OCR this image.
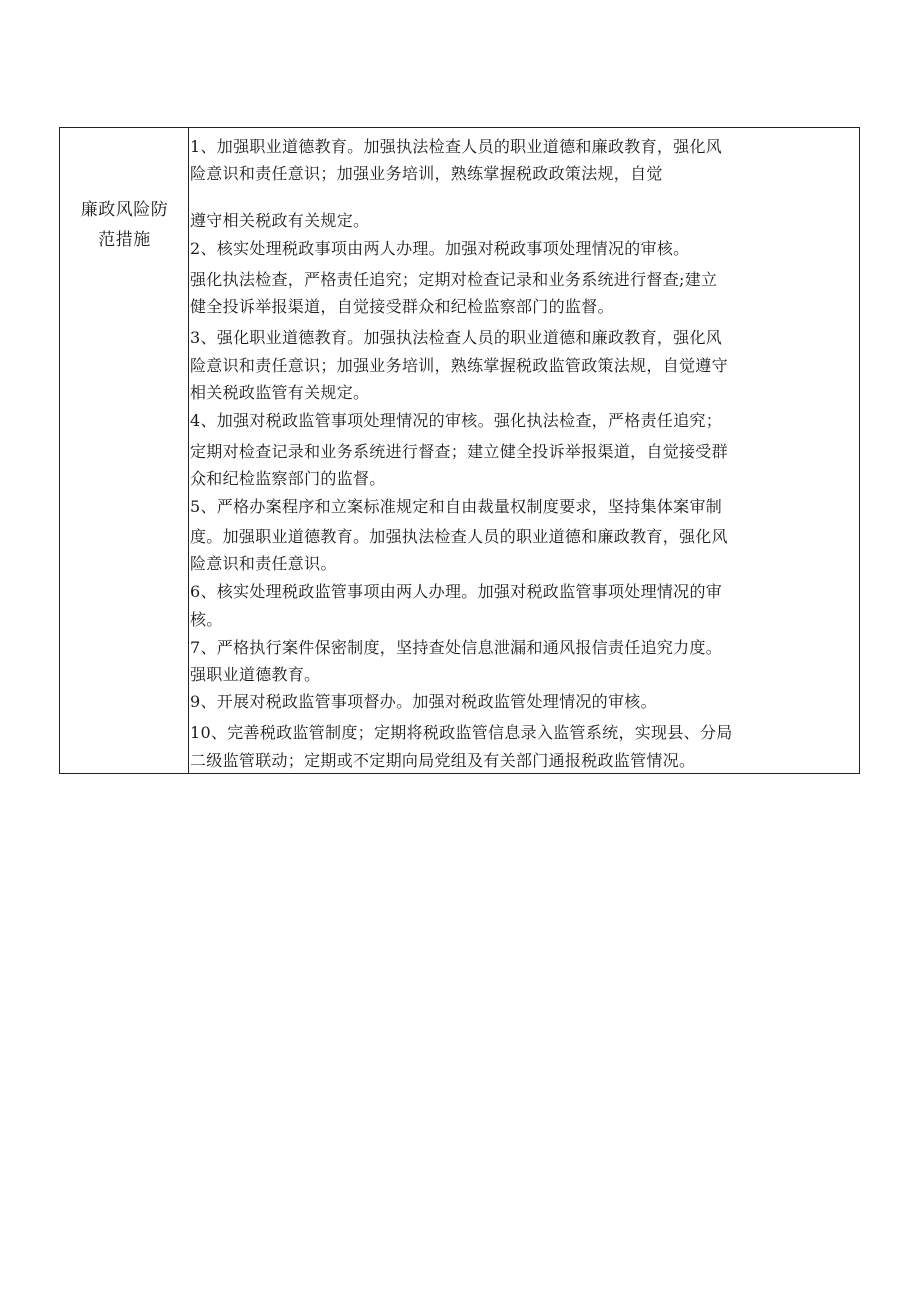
廉政风险防
范措施
1、加强职业道德教育。加强执法检查人员的职业道德和廉政教育，强化风
险意识和责任意识；加强业务培训，熟练掌握税政政策法规，自觉
遵守相关税政有关规定。
2、核实处理税政事项由两人办理。加强对税政事项处理情况的审核。
强化执法检查，严格责任追究；定期对检查记录和业务系统进行督查;建立
健全投诉举报渠道，自觉接受群众和纪检监察部门的监督。
3、强化职业道德教育。加强执法检查人员的职业道德和廉政教育，强化风
险意识和责任意识；加强业务培训，熟练掌握税政监管政策法规，自觉遵守
相关税政监管有关规定。
4、加强对税政监管事项处理情况的审核。强化执法检查，严格责任追究；
定期对检查记录和业务系统进行督查；建立健全投诉举报渠道，自觉接受群
众和纪检监察部门的监督。
5、严格办案程序和立案标准规定和自由裁量权制度要求，坚持集体案审制
度。加强职业道德教育。加强执法检查人员的职业道德和廉政教育，强化风
险意识和责任意识。
6、核实处理税政监管事项由两人办理。加强对税政监管事项处理情况的审
核。
7、严格执行案件保密制度，坚持查处信息泄漏和通风报信责任追究力度。
强职业道德教育。
9、开展对税政监管事项督办。加强对税政监管处理情况的审核。
10、完善税政监管制度；定期将税政监管信息录入监管系统，实现县、分局
二级监管联动；定期或不定期向局党组及有关部门通报税政监管情况。
